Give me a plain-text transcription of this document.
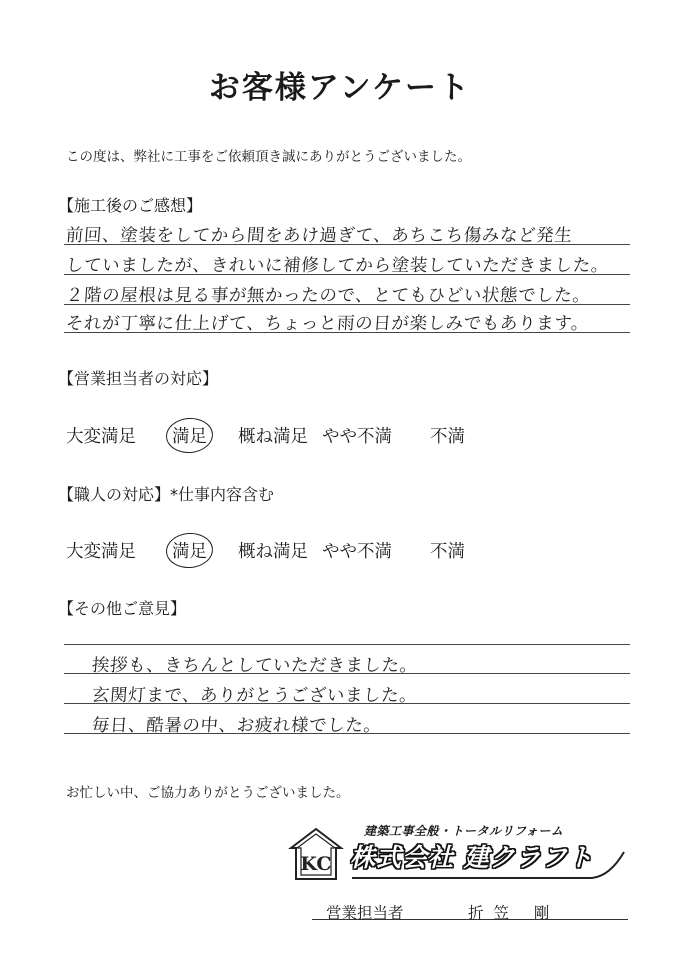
お客様アンケート
この度は、弊社に工事をご依頼頂き誠にありがとうございました。
【施工後のご感想】
前回、塗装をしてから間をあけ過ぎて、あちこち傷みなど発生
していましたが、きれいに補修してから塗装していただきました。
２階の屋根は見る事が無かったので、とてもひどい状態でした。
それが丁寧に仕上げて、ちょっと雨の日が楽しみでもあります。
【営業担当者の対応】
大変満足 満足 概ね満足 やや不満 不満
【職人の対応】*仕事内容含む
大変満足 満足 概ね満足 やや不満 不満
【その他ご意見】
挨拶も、きちんとしていただきました。
玄関灯まで、ありがとうございました。
毎日、酷暑の中、お疲れ様でした。
お忙しい中、ご協力ありがとうございました。
KC
建築工事全般・トータルリフォーム
株式会社 建クラフト
営業担当者	折笠 剛
